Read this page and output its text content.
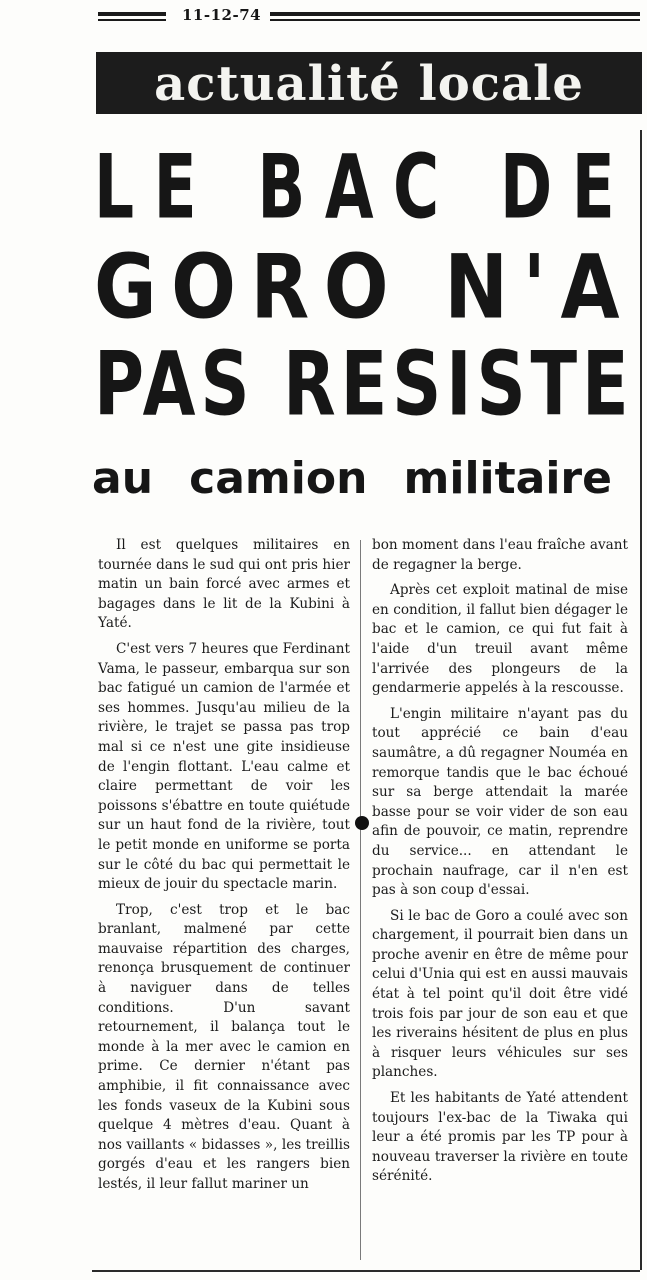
11-12-74
actualité locale
LE BAC DE
GORO N'A
PAS RESISTE
au camion militaire

Il est quelques militaires en tournée dans le sud qui ont pris hier matin un bain forcé avec armes et bagages dans le lit de la Kubini à Yaté.

C'est vers 7 heures que Ferdinant Vama, le passeur, embarqua sur son bac fatigué un camion de l'armée et ses hommes. Jusqu'au milieu de la rivière, le trajet se passa pas trop mal si ce n'est une gite insidieuse de l'engin flottant. L'eau calme et claire permettant de voir les poissons s'ébattre en toute quiétude sur un haut fond de la rivière, tout le petit monde en uniforme se porta sur le côté du bac qui permettait le mieux de jouir du spectacle marin.

Trop, c'est trop et le bac branlant, malmené par cette mauvaise répartition des charges, renonça brusquement de continuer à naviguer dans de telles conditions. D'un savant retournement, il balança tout le monde à la mer avec le camion en prime. Ce dernier n'étant pas amphibie, il fit connaissance avec les fonds vaseux de la Kubini sous quelque 4 mètres d'eau. Quant à nos vaillants « bidasses », les treillis gorgés d'eau et les rangers bien lestés, il leur fallut mariner un

bon moment dans l'eau fraîche avant de regagner la berge.

Après cet exploit matinal de mise en condition, il fallut bien dégager le bac et le camion, ce qui fut fait à l'aide d'un treuil avant même l'arrivée des plongeurs de la gendarmerie appelés à la rescousse.

L'engin militaire n'ayant pas du tout apprécié ce bain d'eau saumâtre, a dû regagner Nouméa en remorque tandis que le bac échoué sur sa berge attendait la marée basse pour se voir vider de son eau afin de pouvoir, ce matin, reprendre du service... en attendant le prochain naufrage, car il n'en est pas à son coup d'essai.

Si le bac de Goro a coulé avec son chargement, il pourrait bien dans un proche avenir en être de même pour celui d'Unia qui est en aussi mauvais état à tel point qu'il doit être vidé trois fois par jour de son eau et que les riverains hésitent de plus en plus à risquer leurs véhicules sur ses planches.

Et les habitants de Yaté attendent toujours l'ex-bac de la Tiwaka qui leur a été promis par les TP pour à nouveau traverser la rivière en toute sérénité.
